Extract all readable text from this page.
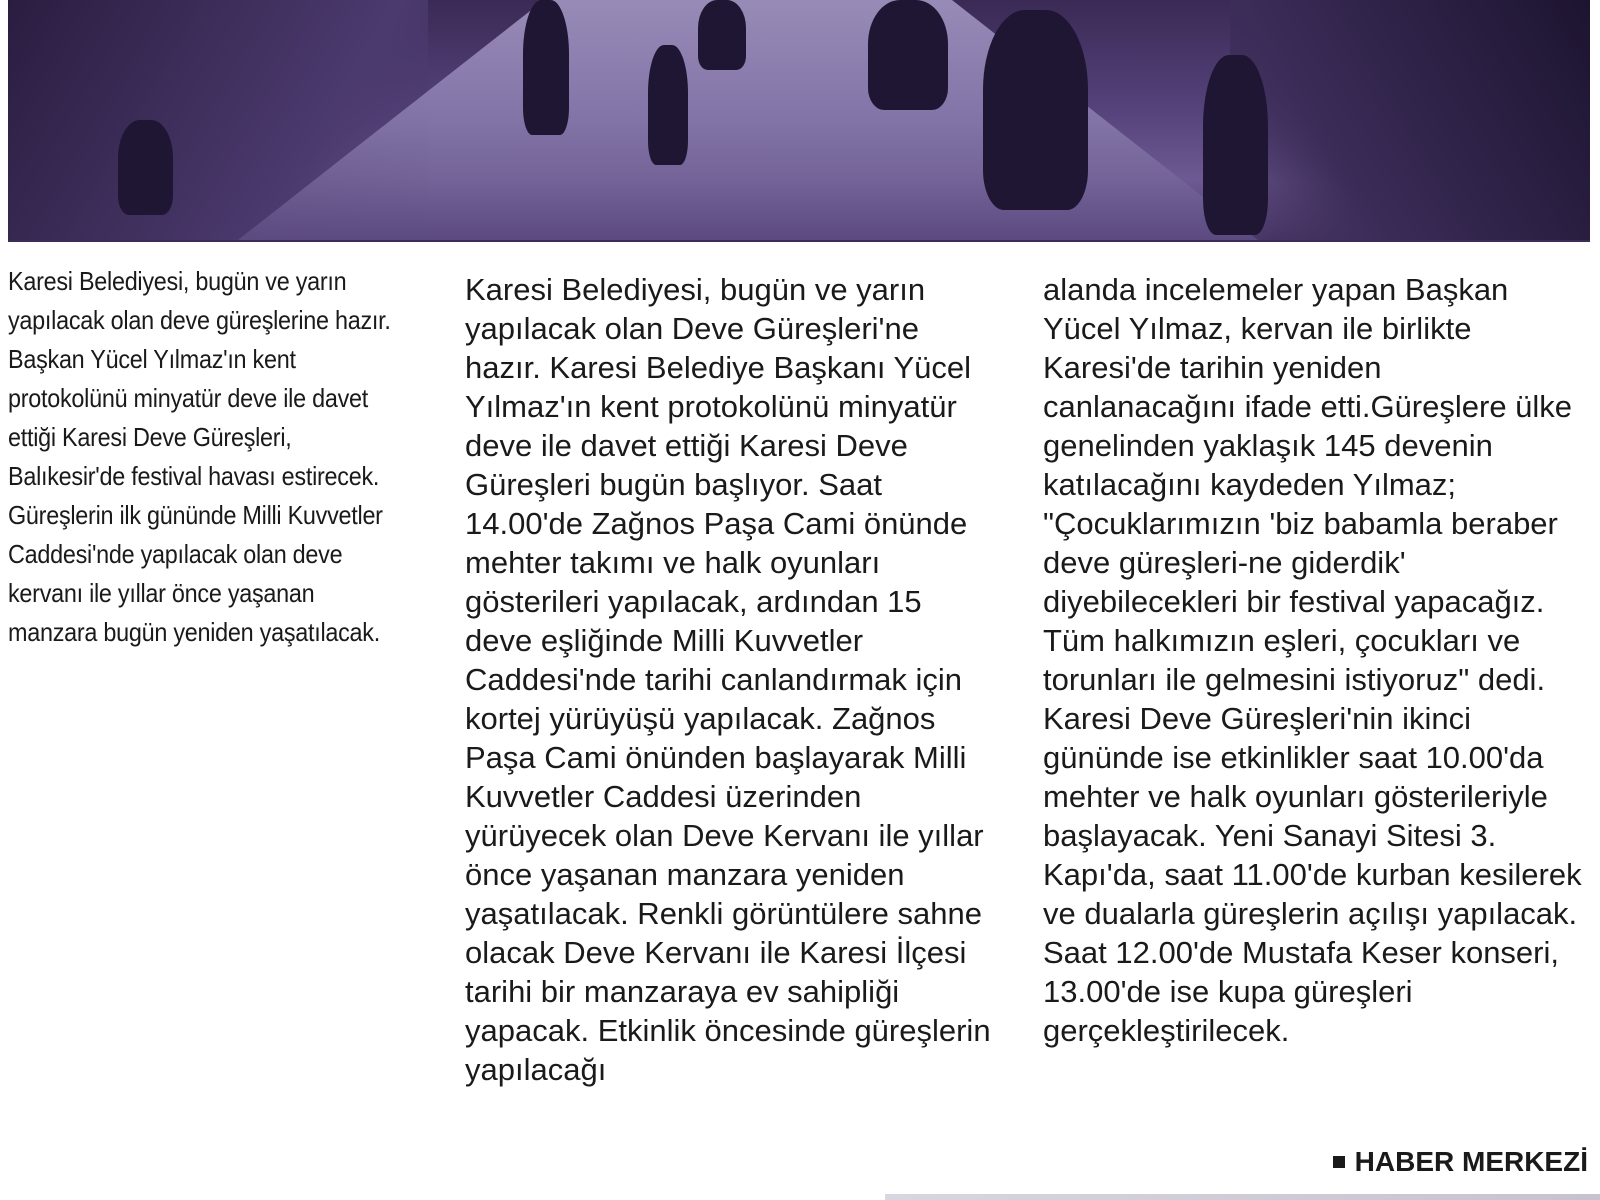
Karesi Belediyesi, bugün ve yarın yapılacak olan deve güreşlerine hazır. Başkan Yücel Yılmaz'ın kent protokolünü minyatür deve ile davet ettiği Karesi Deve Güreşleri, Balıkesir'de festival havası estirecek. Güreşlerin ilk gününde Milli Kuvvetler Caddesi'nde yapılacak olan deve kervanı ile yıllar önce yaşanan manzara bugün yeniden yaşatılacak.
Karesi Belediyesi, bugün ve yarın yapılacak olan Deve Güreşleri'ne hazır. Karesi Belediye Başkanı Yücel Yılmaz'ın kent protokolünü minyatür deve ile davet ettiği Karesi Deve Güreşleri bugün başlıyor. Saat 14.00'de Zağnos Paşa Cami önünde mehter takımı ve halk oyunları gösterileri yapılacak, ardından 15 deve eşliğinde Milli Kuvvetler Caddesi'nde tarihi canlandırmak için kortej yürüyüşü yapılacak. Zağnos Paşa Cami önünden başlayarak Milli Kuvvetler Caddesi üzerinden yürüyecek olan Deve Kervanı ile yıllar önce yaşanan manzara yeniden yaşatılacak. Renkli görüntülere sahne olacak Deve Kervanı ile Karesi İlçesi tarihi bir manzaraya ev sahipliği yapacak. Etkinlik öncesinde güreşlerin yapılacağı
alanda incelemeler yapan Başkan Yücel Yılmaz, kervan ile birlikte Karesi'de tarihin yeniden canlanacağını ifade etti.Güreşlere ülke genelinden yaklaşık 145 devenin katılacağını kaydeden Yılmaz; "Çocuklarımızın 'biz babamla beraber deve güreşleri-ne giderdik' diyebilecekleri bir festival yapacağız. Tüm halkımızın eşleri, çocukları ve torunları ile gelmesini istiyoruz" dedi. Karesi Deve Güreşleri'nin ikinci gününde ise etkinlikler saat 10.00'da mehter ve halk oyunları gösterileriyle başlayacak. Yeni Sanayi Sitesi 3. Kapı'da, saat 11.00'de kurban kesilerek ve dualarla güreşlerin açılışı yapılacak. Saat 12.00'de Mustafa Keser konseri, 13.00'de ise kupa güreşleri gerçekleştirilecek.
HABER MERKEZİ
